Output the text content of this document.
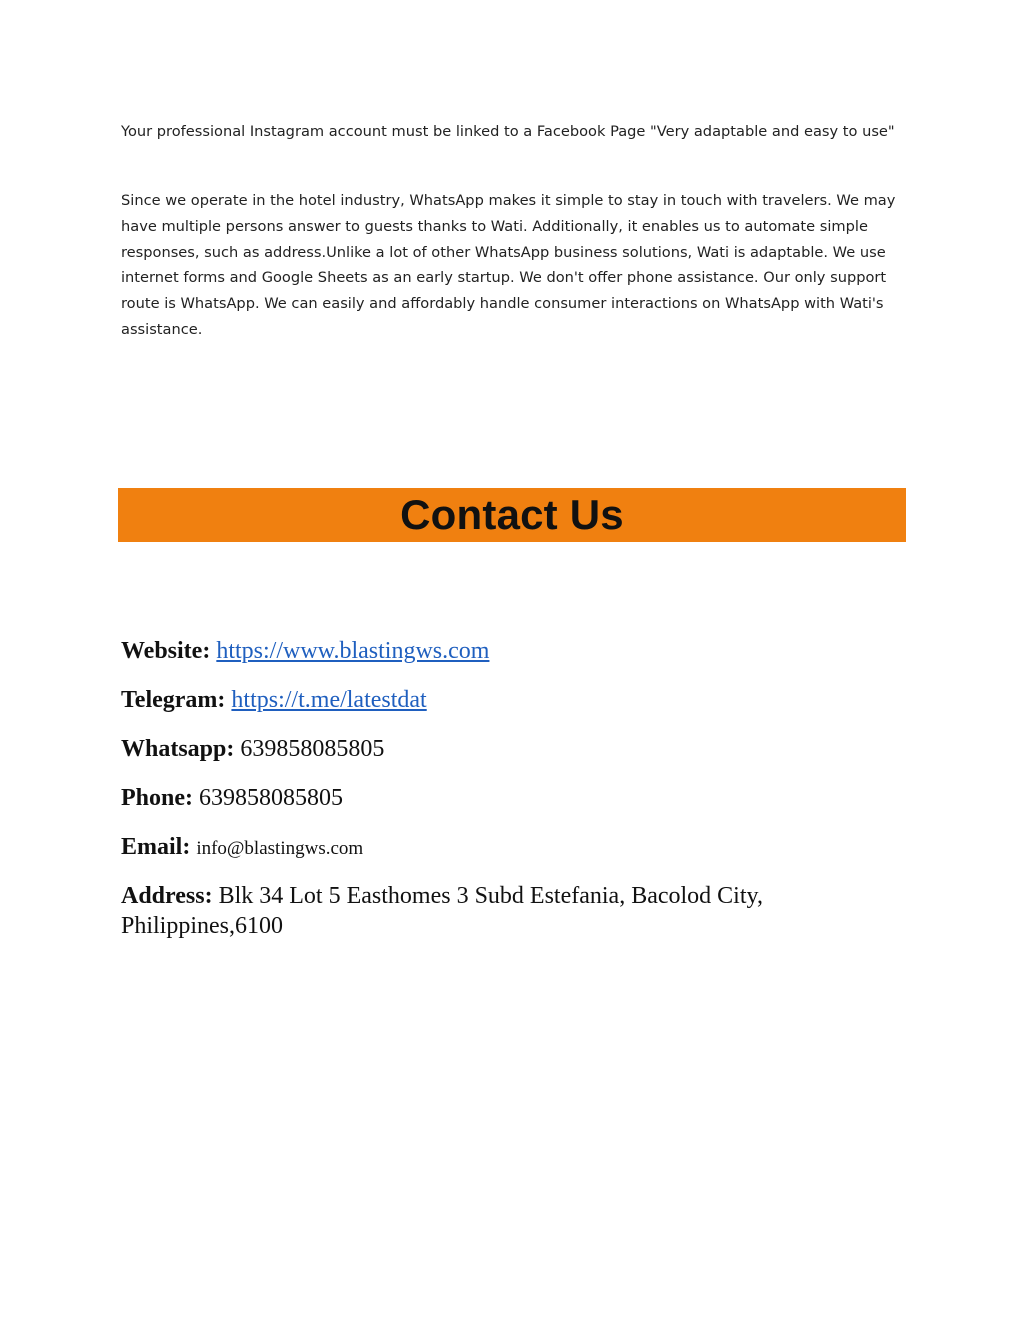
Your professional Instagram account must be linked to a Facebook Page "Very adaptable and easy to use"

Since we operate in the hotel industry, WhatsApp makes it simple to stay in touch with travelers. We may have multiple persons answer to guests thanks to Wati. Additionally, it enables us to automate simple responses, such as address.Unlike a lot of other WhatsApp business solutions, Wati is adaptable. We use internet forms and Google Sheets as an early startup. We don't offer phone assistance. Our only support route is WhatsApp. We can easily and affordably handle consumer interactions on WhatsApp with Wati's assistance.

Contact Us

Website: https://www.blastingws.com

Telegram: https://t.me/latestdat

Whatsapp: 639858085805

Phone: 639858085805

Email: info@blastingws.com

Address: Blk 34 Lot 5 Easthomes 3 Subd Estefania, Bacolod City, Philippines,6100
